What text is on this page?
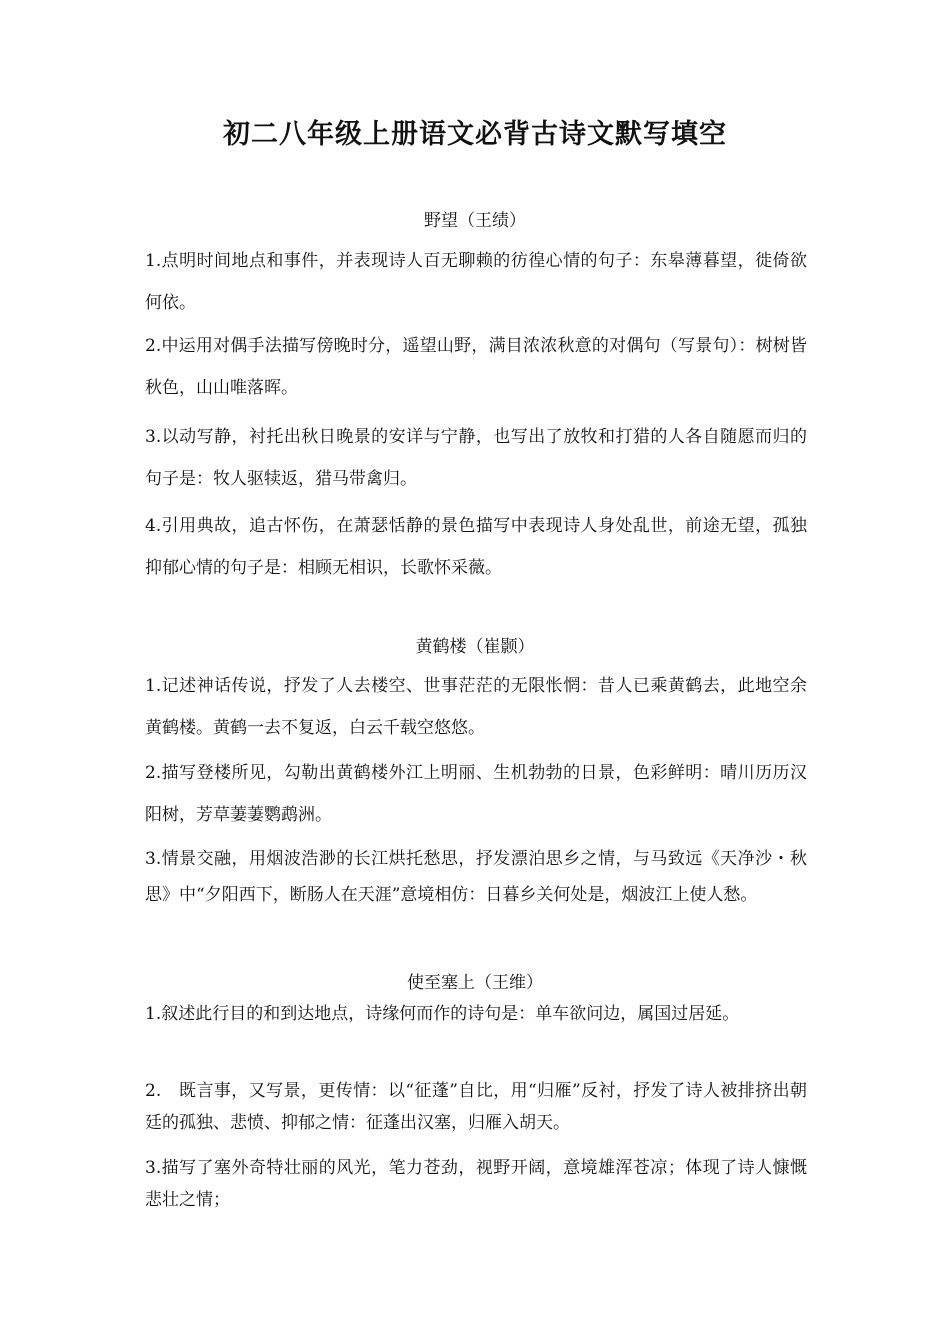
初二八年级上册语文必背古诗文默写填空
野望（王绩）
1.点明时间地点和事件，并表现诗人百无聊赖的彷徨心情的句子：东皋薄暮望，徙倚欲何依。
2.中运用对偶手法描写傍晚时分，遥望山野，满目浓浓秋意的对偶句（写景句）：树树皆秋色，山山唯落晖。
3.以动写静，衬托出秋日晚景的安详与宁静，也写出了放牧和打猎的人各自随愿而归的句子是：牧人驱犊返，猎马带禽归。
4.引用典故，追古怀伤，在萧瑟恬静的景色描写中表现诗人身处乱世，前途无望，孤独抑郁心情的句子是：相顾无相识，长歌怀采薇。
黄鹤楼（崔颢）
1.记述神话传说，抒发了人去楼空、世事茫茫的无限怅惘：昔人已乘黄鹤去，此地空余黄鹤楼。黄鹤一去不复返，白云千载空悠悠。
2.描写登楼所见，勾勒出黄鹤楼外江上明丽、生机勃勃的日景，色彩鲜明：晴川历历汉阳树，芳草萋萋鹦鹉洲。
3.情景交融，用烟波浩渺的长江烘托愁思，抒发漂泊思乡之情，与马致远《天净沙・秋思》中“夕阳西下，断肠人在天涯”意境相仿：日暮乡关何处是，烟波江上使人愁。
使至塞上（王维）
1.叙述此行目的和到达地点，诗缘何而作的诗句是：单车欲问边，属国过居延。
2.　既言事，又写景，更传情：以“征蓬”自比，用“归雁”反衬，抒发了诗人被排挤出朝廷的孤独、悲愤、抑郁之情：征蓬出汉塞，归雁入胡天。
3.描写了塞外奇特壮丽的风光，笔力苍劲，视野开阔，意境雄浑苍凉；体现了诗人慷慨悲壮之情；
